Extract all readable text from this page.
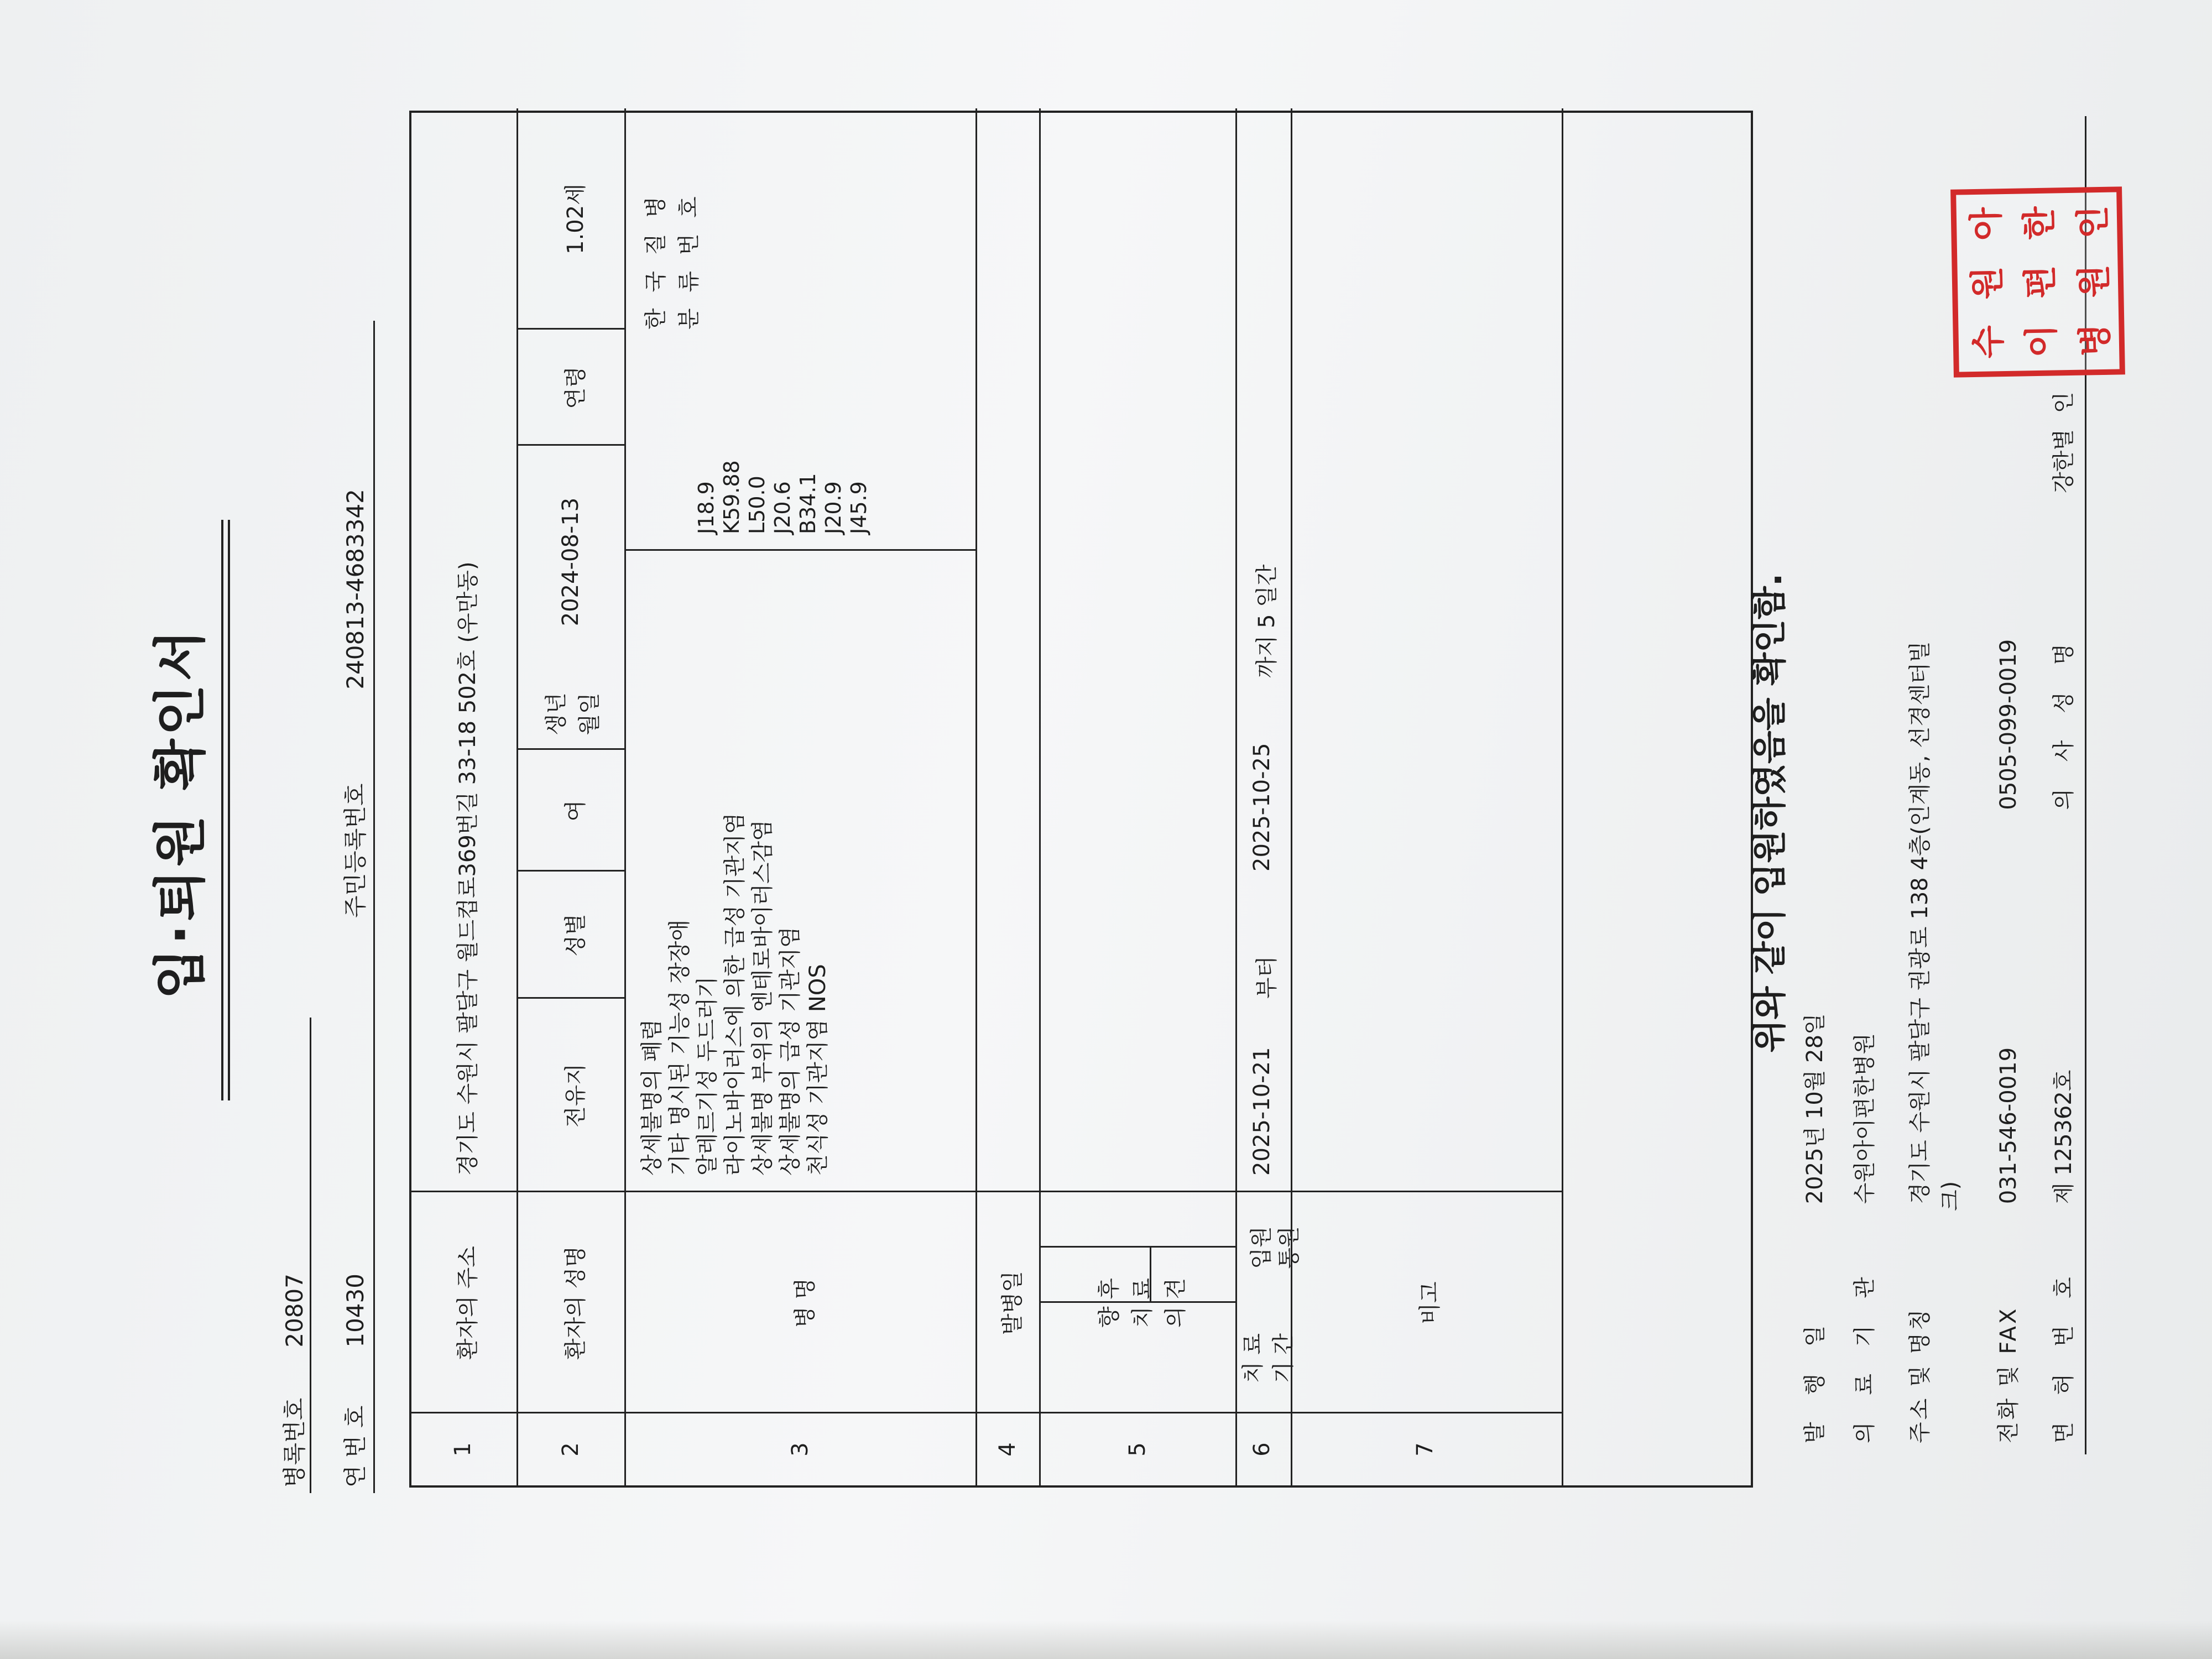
입·퇴원 확인서
병록번호 20807
연 번 호 10430
주민등록번호 240813-4683342
1
환자의 주소
경기도 수원시 팔달구 월드컵로369번길 33-18 502호 (우만동)
2
환자의 성명
전유지
성별
여
생년 월일
2024-08-13
연령
1.02세
3
병 명
상세불명의 폐렴 기타 명시된 기능성 장장애 알레르기성 두드러기 라이노바이러스에 의한 급성 기관지염 상세불명 부위의 엔테로바이러스감염 상세불명의 급성 기관지염 천식성 기관지염 NOS
J18.9 K59.88 L50.0 J20.6 B34.1 J20.9 J45.9
한 국 질 병 분 류 번 호
4
발병일
5
향 후 치 료 의 견
6
치 료 기 간
입원 통원
2025-10-21
부터
2025-10-25
까지 5 일간
7
비고
위와 같이 입원하였음을 확인함.
발 행 일 2025년 10월 28일
의 료 기 관 수원아이편한병원
주소 및 명칭 경기도 수원시 팔달구 권광로 138 4층(인계동, 선경센터빌 크)
전화 및 FAX 031-546-0019 0505-099-0019
면 허 번 호 제 125362호 의 사 성 명 강한별 인
수
원
아
이
편
한
병
원
인
